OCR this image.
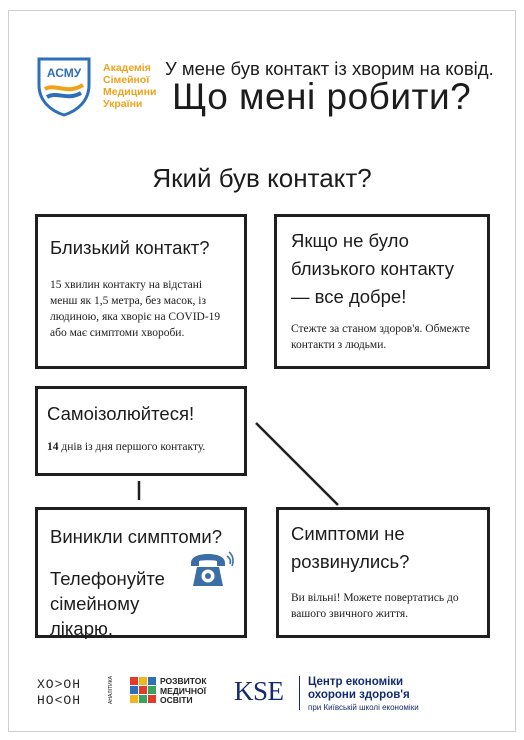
АСМУ Академія
Сімейної
Медицини
України
У мене був контакт із хворим на ковід.
Що мені робити?
Який був контакт?
Близький контакт?
15 хвилин контакту на відстані менш як 1,5 метра, без масок, із людиною, яка хворіє на COVID-19 або має симптоми хвороби.
Якщо не було близького контакту — все добре!
Стежте за станом здоров'я. Обмежте контакти з людьми.
Самоізолюйтеся!
14 днів із дня першого контакту.
Виникли симптоми?
Телефонуйте сімейному лікарю.
Симптоми не розвинулись?
Ви вільні! Можете повертатись до вашого звичного життя.
ХО>ОН
НО<ОН	АНАЛІТИКА	РОЗВИТОК
МЕДИЧНОЇ
ОСВІТИ	KSE Центр економіки
охорони здоров'я
при Київській школі економіки
